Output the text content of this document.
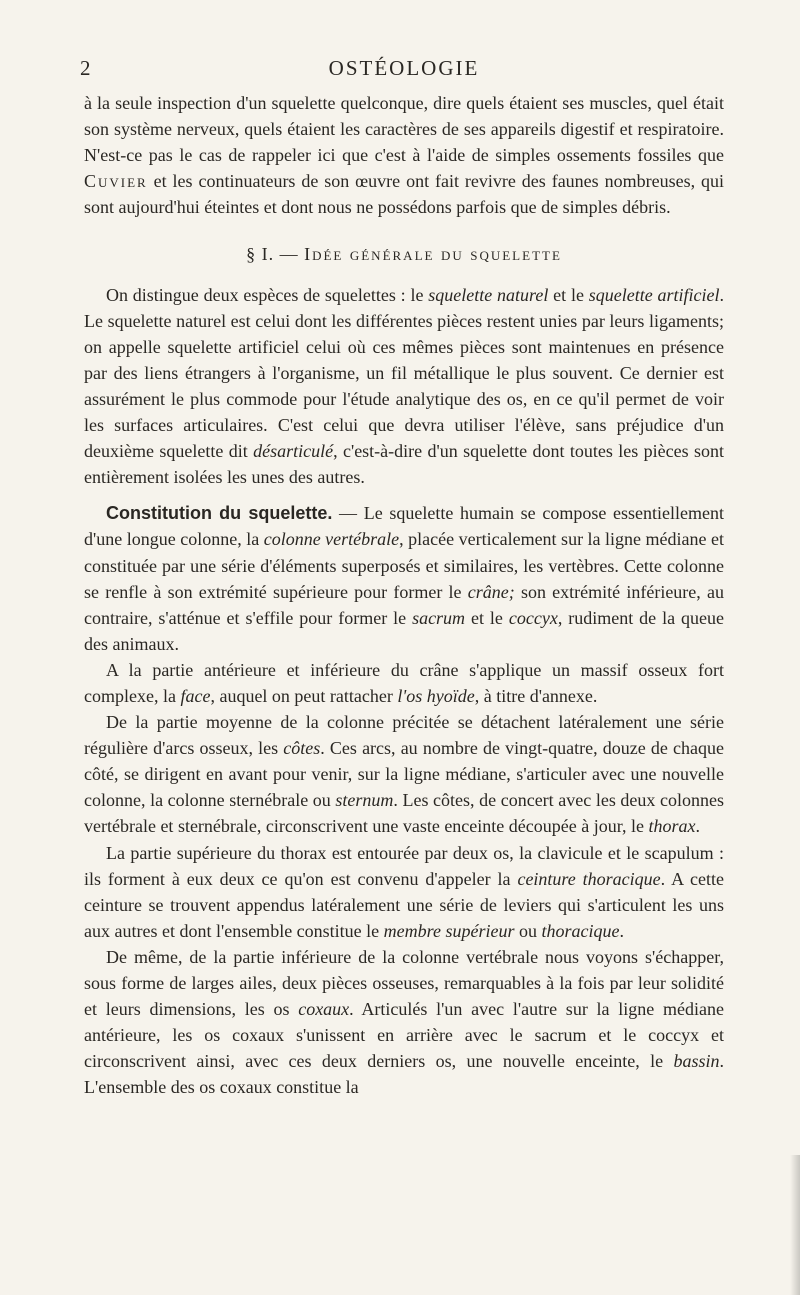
2	OSTÉOLOGIE

à la seule inspection d'un squelette quelconque, dire quels étaient ses muscles, quel était son système nerveux, quels étaient les caractères de ses appareils digestif et respiratoire. N'est-ce pas le cas de rappeler ici que c'est à l'aide de simples ossements fossiles que Cuvier et les continuateurs de son œuvre ont fait revivre des faunes nombreuses, qui sont aujourd'hui éteintes et dont nous ne possédons parfois que de simples débris.

§ I. — Idée générale du squelette

On distingue deux espèces de squelettes : le squelette naturel et le squelette artificiel. Le squelette naturel est celui dont les différentes pièces restent unies par leurs ligaments; on appelle squelette artificiel celui où ces mêmes pièces sont maintenues en présence par des liens étrangers à l'organisme, un fil métallique le plus souvent. Ce dernier est assurément le plus commode pour l'étude analytique des os, en ce qu'il permet de voir les surfaces articulaires. C'est celui que devra utiliser l'élève, sans préjudice d'un deuxième squelette dit désarticulé, c'est-à-dire d'un squelette dont toutes les pièces sont entièrement isolées les unes des autres.

Constitution du squelette. — Le squelette humain se compose essentiellement d'une longue colonne, la colonne vertébrale, placée verticalement sur la ligne médiane et constituée par une série d'éléments superposés et similaires, les vertèbres. Cette colonne se renfle à son extrémité supérieure pour former le crâne; son extrémité inférieure, au contraire, s'atténue et s'effile pour former le sacrum et le coccyx, rudiment de la queue des animaux.

A la partie antérieure et inférieure du crâne s'applique un massif osseux fort complexe, la face, auquel on peut rattacher l'os hyoïde, à titre d'annexe.

De la partie moyenne de la colonne précitée se détachent latéralement une série régulière d'arcs osseux, les côtes. Ces arcs, au nombre de vingt-quatre, douze de chaque côté, se dirigent en avant pour venir, sur la ligne médiane, s'articuler avec une nouvelle colonne, la colonne sternébrale ou sternum. Les côtes, de concert avec les deux colonnes vertébrale et sternébrale, circonscrivent une vaste enceinte découpée à jour, le thorax.

La partie supérieure du thorax est entourée par deux os, la clavicule et le scapulum : ils forment à eux deux ce qu'on est convenu d'appeler la ceinture thoracique. A cette ceinture se trouvent appendus latéralement une série de leviers qui s'articulent les uns aux autres et dont l'ensemble constitue le membre supérieur ou thoracique.

De même, de la partie inférieure de la colonne vertébrale nous voyons s'échapper, sous forme de larges ailes, deux pièces osseuses, remarquables à la fois par leur solidité et leurs dimensions, les os coxaux. Articulés l'un avec l'autre sur la ligne médiane antérieure, les os coxaux s'unissent en arrière avec le sacrum et le coccyx et circonscrivent ainsi, avec ces deux derniers os, une nouvelle enceinte, le bassin. L'ensemble des os coxaux constitue la
